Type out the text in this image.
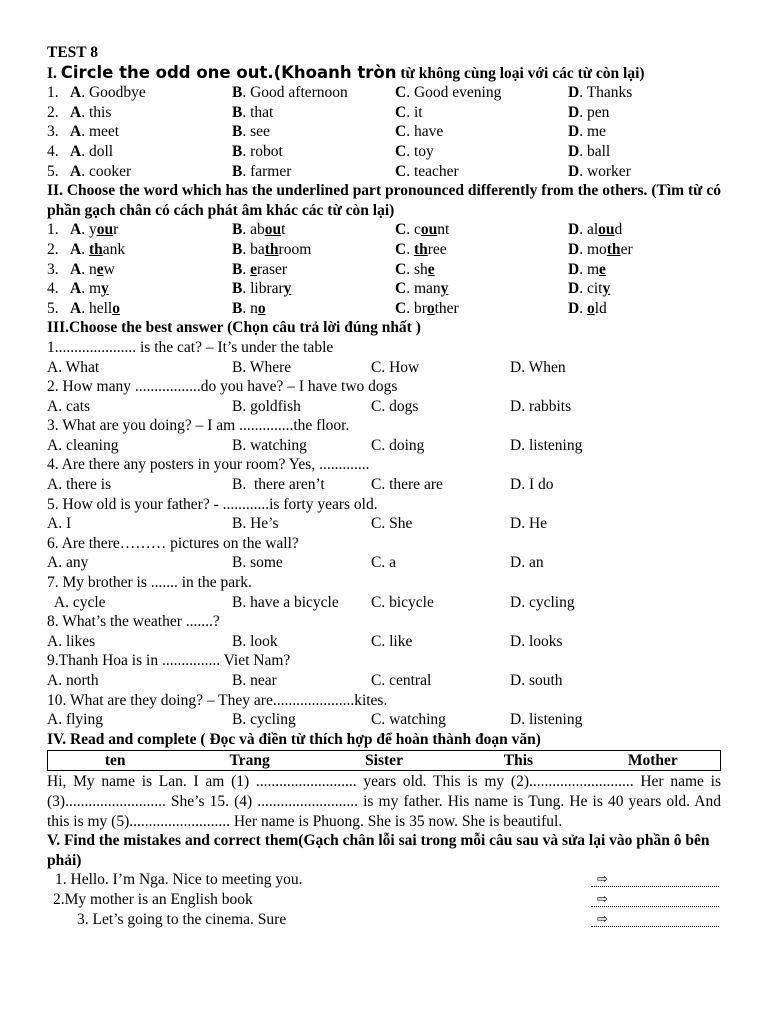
TEST 8
I. Circle the odd one out.(Khoanh tròn từ không cùng loại với các từ còn lại)
1. A. Goodbye	B. Good afternoon	C. Good evening	D. Thanks
2. A. this	B. that	C. it	D. pen
3. A. meet	B. see	C. have	D. me
4. A. doll	B. robot	C. toy	D. ball
5. A. cooker	B. farmer	C. teacher	D. worker
II. Choose the word which has the underlined part pronounced differently from the others. (Tìm từ có phần gạch chân có cách phát âm khác các từ còn lại)
1. A. your	B. about	C. count	D. aloud
2. A. thank	B. bathroom	C. three	D. mother
3. A. new	B. eraser	C. she	D. me
4. A. my	B. library	C. many	D. city
5. A. hello	B. no	C. brother	D. old
III.Choose the best answer (Chọn câu trả lời đúng nhất )
1..................... is the cat? – It’s under the table
A. What	B. Where	C. How	D. When
2. How many .................do you have? – I have two dogs
A. cats	B. goldfish	C. dogs	D. rabbits
3. What are you doing? – I am ..............the floor.
A. cleaning	B. watching	C. doing	D. listening
4. Are there any posters in your room? Yes, .............
A. there is	B.  there aren’t	C. there are	D. I do
5. How old is your father? - ............is forty years old.
A. I	B. He’s	C. She	D. He
6. Are there……… pictures on the wall?
A. any	B. some	C. a	D. an
7. My brother is ....... in the park.
A. cycle	B. have a bicycle C. bicycle	D. cycling
8. What’s the weather .......?
A. likes	B. look	C. like	D. looks
9.Thanh Hoa is in ............... Viet Nam?
A. north	B. near	C. central	D. south
10. What are they doing? – They are.....................kites.
A. flying	B. cycling	C. watching	D. listening
IV. Read and complete ( Đọc và điền từ thích hợp để hoàn thành đoạn văn)
ten	Trang	Sister	This	Mother
Hi, My name is Lan. I am (1) .......................... years old. This is my (2)........................... Her name is (3).......................... She’s 15. (4) .......................... is my father. His name is Tung. He is 40 years old. And this is my (5).......................... Her name is Phuong. She is 35 now. She is beautiful.
V. Find the mistakes and correct them(Gạch chân lỗi sai trong mỗi câu sau và sửa lại vào phần ô bên phải)
1. Hello. I’m Nga. Nice to meeting you.	⇨
2.My mother is an English book	⇨
3. Let’s going to the cinema. Sure	⇨
